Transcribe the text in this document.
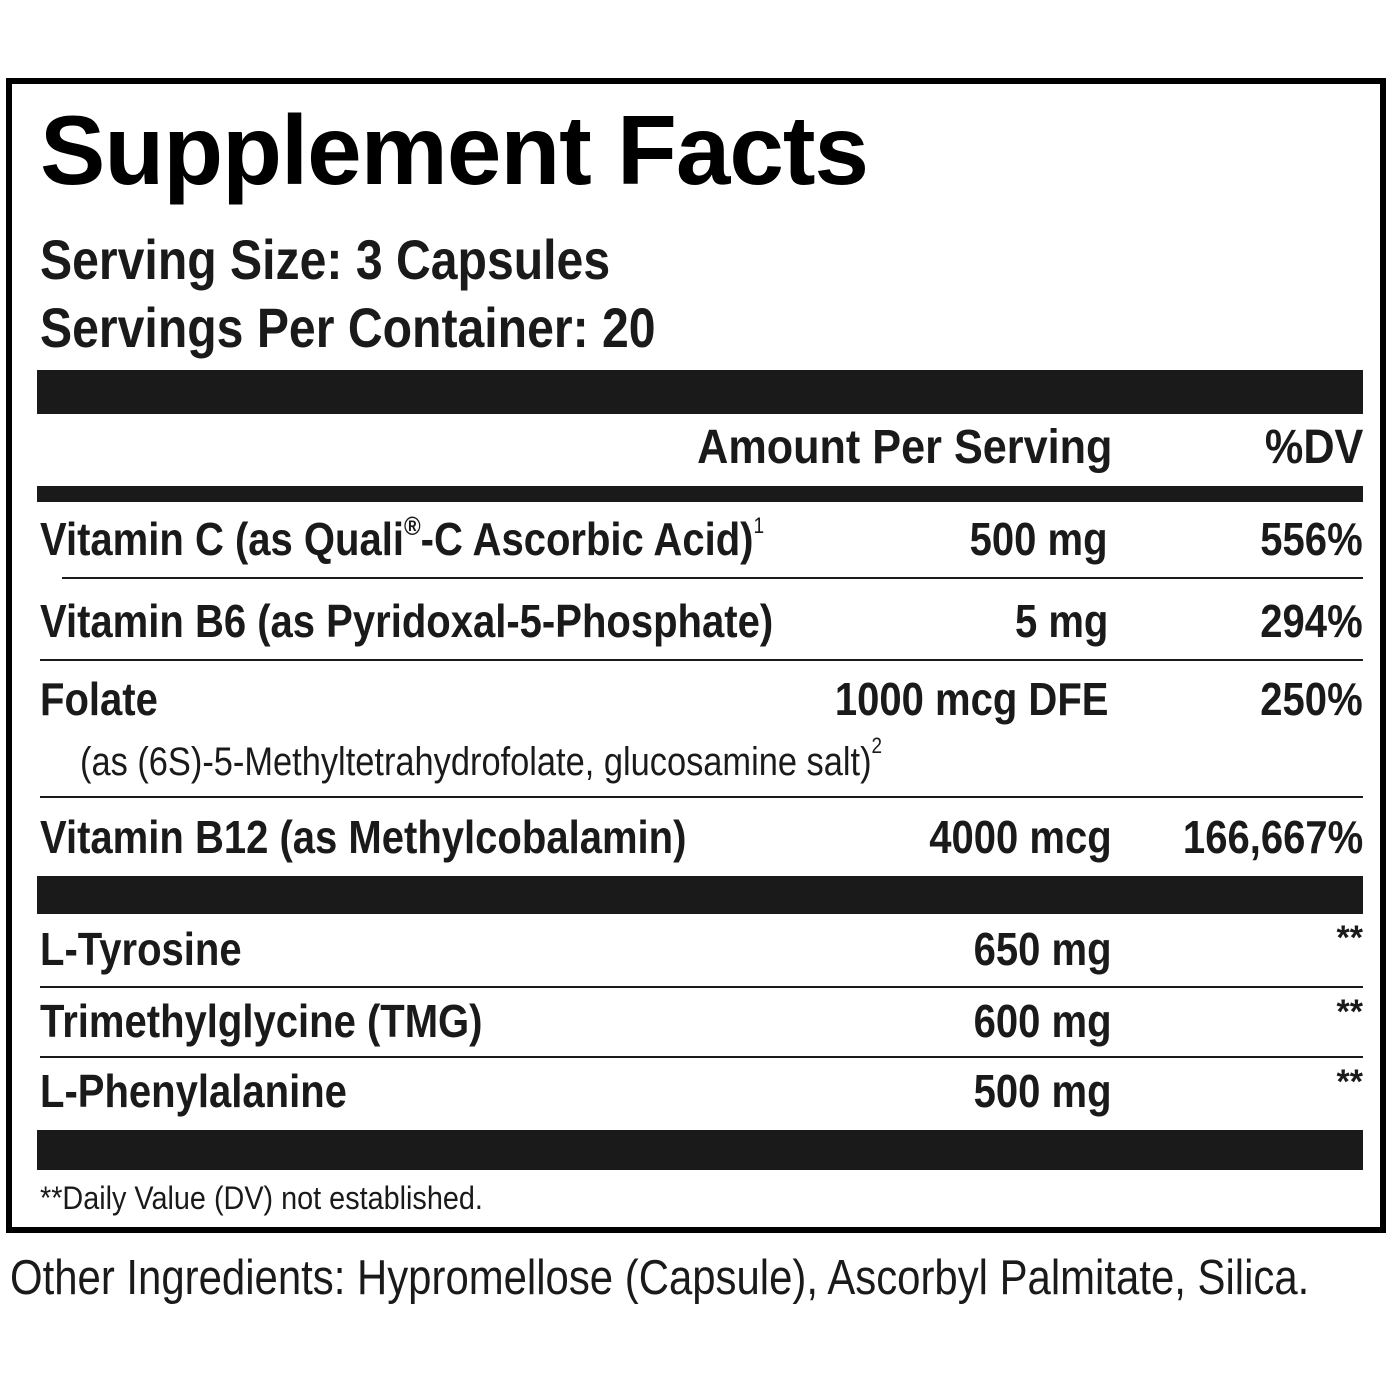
Supplement Facts
Serving Size: 3 Capsules
Servings Per Container: 20
Amount Per Serving	%DV
Vitamin C (as Quali®-C Ascorbic Acid)$^1$	500 mg	556%
Vitamin B6 (as Pyridoxal-5-Phosphate)	5 mg	294%
Folate	1000 mcg DFE	250%
(as (6S)-5-Methyltetrahydrofolate, glucosamine salt)$^2$
Vitamin B12 (as Methylcobalamin)	4000 mcg 166,667%
L-Tyrosine	650 mg	**
Trimethylglycine (TMG)	600 mg	**
L-Phenylalanine	500 mg	**
**Daily Value (DV) not established.
Other Ingredients: Hypromellose (Capsule), Ascorbyl Palmitate, Silica.
